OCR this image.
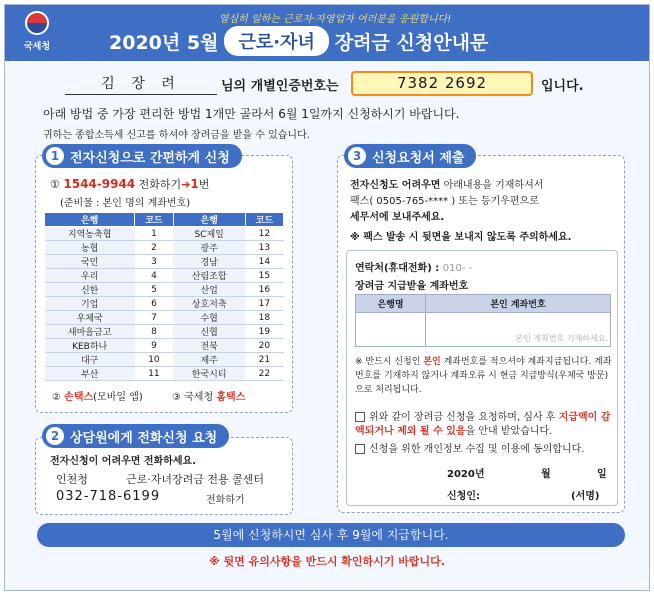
국세청
열심히 일하는 근로자·자영업자 여러분을 응원합니다!
2020년 5월	근로·자녀	장려금 신청안내문
김 장 려	님의 개별인증번호는	7382 2692	입니다.
아래 방법 중 가장 편리한 방법 1개만 골라서 6월 1일까지 신청하시기 바랍니다.
귀하는 종합소득세 신고를 하셔야 장려금을 받을 수 있습니다.
1 전자신청으로 간편하게 신청
① 1544-9944 전화하기➔1번
(준비물 : 본인 명의 계좌번호)
은행	코드	은행	코드
지역농축협	1	SC제일	12
농협	2	광주	13
국민	3	경남	14
우리	4	산림조합	15
신한	5	산업	16
기업	6	상호저축	17
우체국	7	수협	18
새마을금고	8	신협	19
KEB하나	9	전북	20
대구	10	제주	21
부산	11	한국시티	22
② 손택스(모바일 앱)	③ 국세청 홈택스
2 상담원에게 전화신청 요청
전자신청이 어려우면 전화하세요.
인천청	근로·자녀장려금 전용 콜센터
032-718-6199	전화하기
3 신청요청서 제출
전자신청도 어려우면 아래내용을 기재하셔서
팩스( 0505-765-**** ) 또는 등기우편으로
세무서에 보내주세요.
※ 팩스 발송 시 뒷면을 보내지 않도록 주의하세요.
연락처(휴대전화) : 010- -
장려금 지급받을 계좌번호
은행명	본인 계좌번호
	본인 계좌번호 기재하세요.
※ 반드시 신청인 본인 계좌번호를 적으셔야 계좌지급됩니다. 계좌번호를 기재하지 않거나 계좌오류 시 현금 지급방식(우체국 방문)으로 처리됩니다.
위와 같이 장려금 신청을 요청하며, 심사 후 지급액이 감액되거나 제외 될 수 있음을 안내 받았습니다.
신청을 위한 개인정보 수집 및 이용에 동의합니다.
2020년	월	일
신청인:	(서명)
5월에 신청하시면 심사 후 9월에 지급합니다.
※ 뒷면 유의사항을 반드시 확인하시기 바랍니다.
